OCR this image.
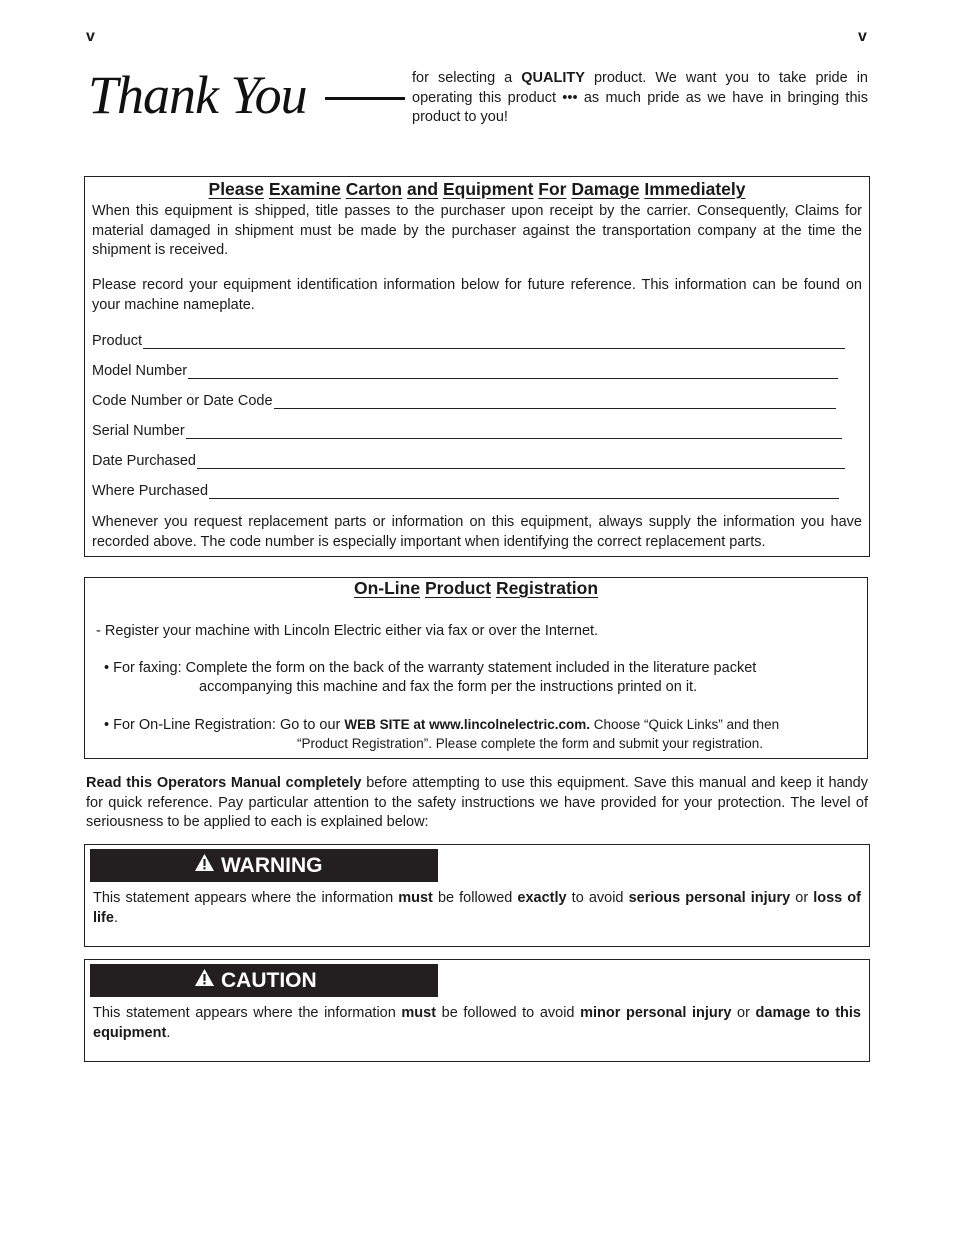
v	v
Thank You	for selecting a QUALITY product. We want you to take pride in operating this product ••• as much pride as we have in bringing this product to you!
Please Examine Carton and Equipment For Damage Immediately
When this equipment is shipped, title passes to the purchaser upon receipt by the carrier. Consequently, Claims for material damaged in shipment must be made by the purchaser against the transportation company at the time the shipment is received.
Please record your equipment identification information below for future reference. This information can be found on your machine nameplate.
Product
Model Number
Code Number or Date Code
Serial Number
Date Purchased
Where Purchased
Whenever you request replacement parts or information on this equipment, always supply the information you have recorded above. The code number is especially important when identifying the correct replacement parts.
On-Line Product Registration
- Register your machine with Lincoln Electric either via fax or over the Internet.
• For faxing: Complete the form on the back of the warranty statement included in the literature packet
accompanying this machine and fax the form per the instructions printed on it.
• For On-Line Registration: Go to our WEB SITE at www.lincolnelectric.com. Choose “Quick Links” and then
“Product Registration”. Please complete the form and submit your registration.
Read this Operators Manual completely before attempting to use this equipment. Save this manual and keep it handy for quick reference. Pay particular attention to the safety instructions we have provided for your protection. The level of seriousness to be applied to each is explained below:
WARNING
This statement appears where the information must be followed exactly to avoid serious personal injury or loss of life.
CAUTION
This statement appears where the information must be followed to avoid minor personal injury or damage to this equipment.
